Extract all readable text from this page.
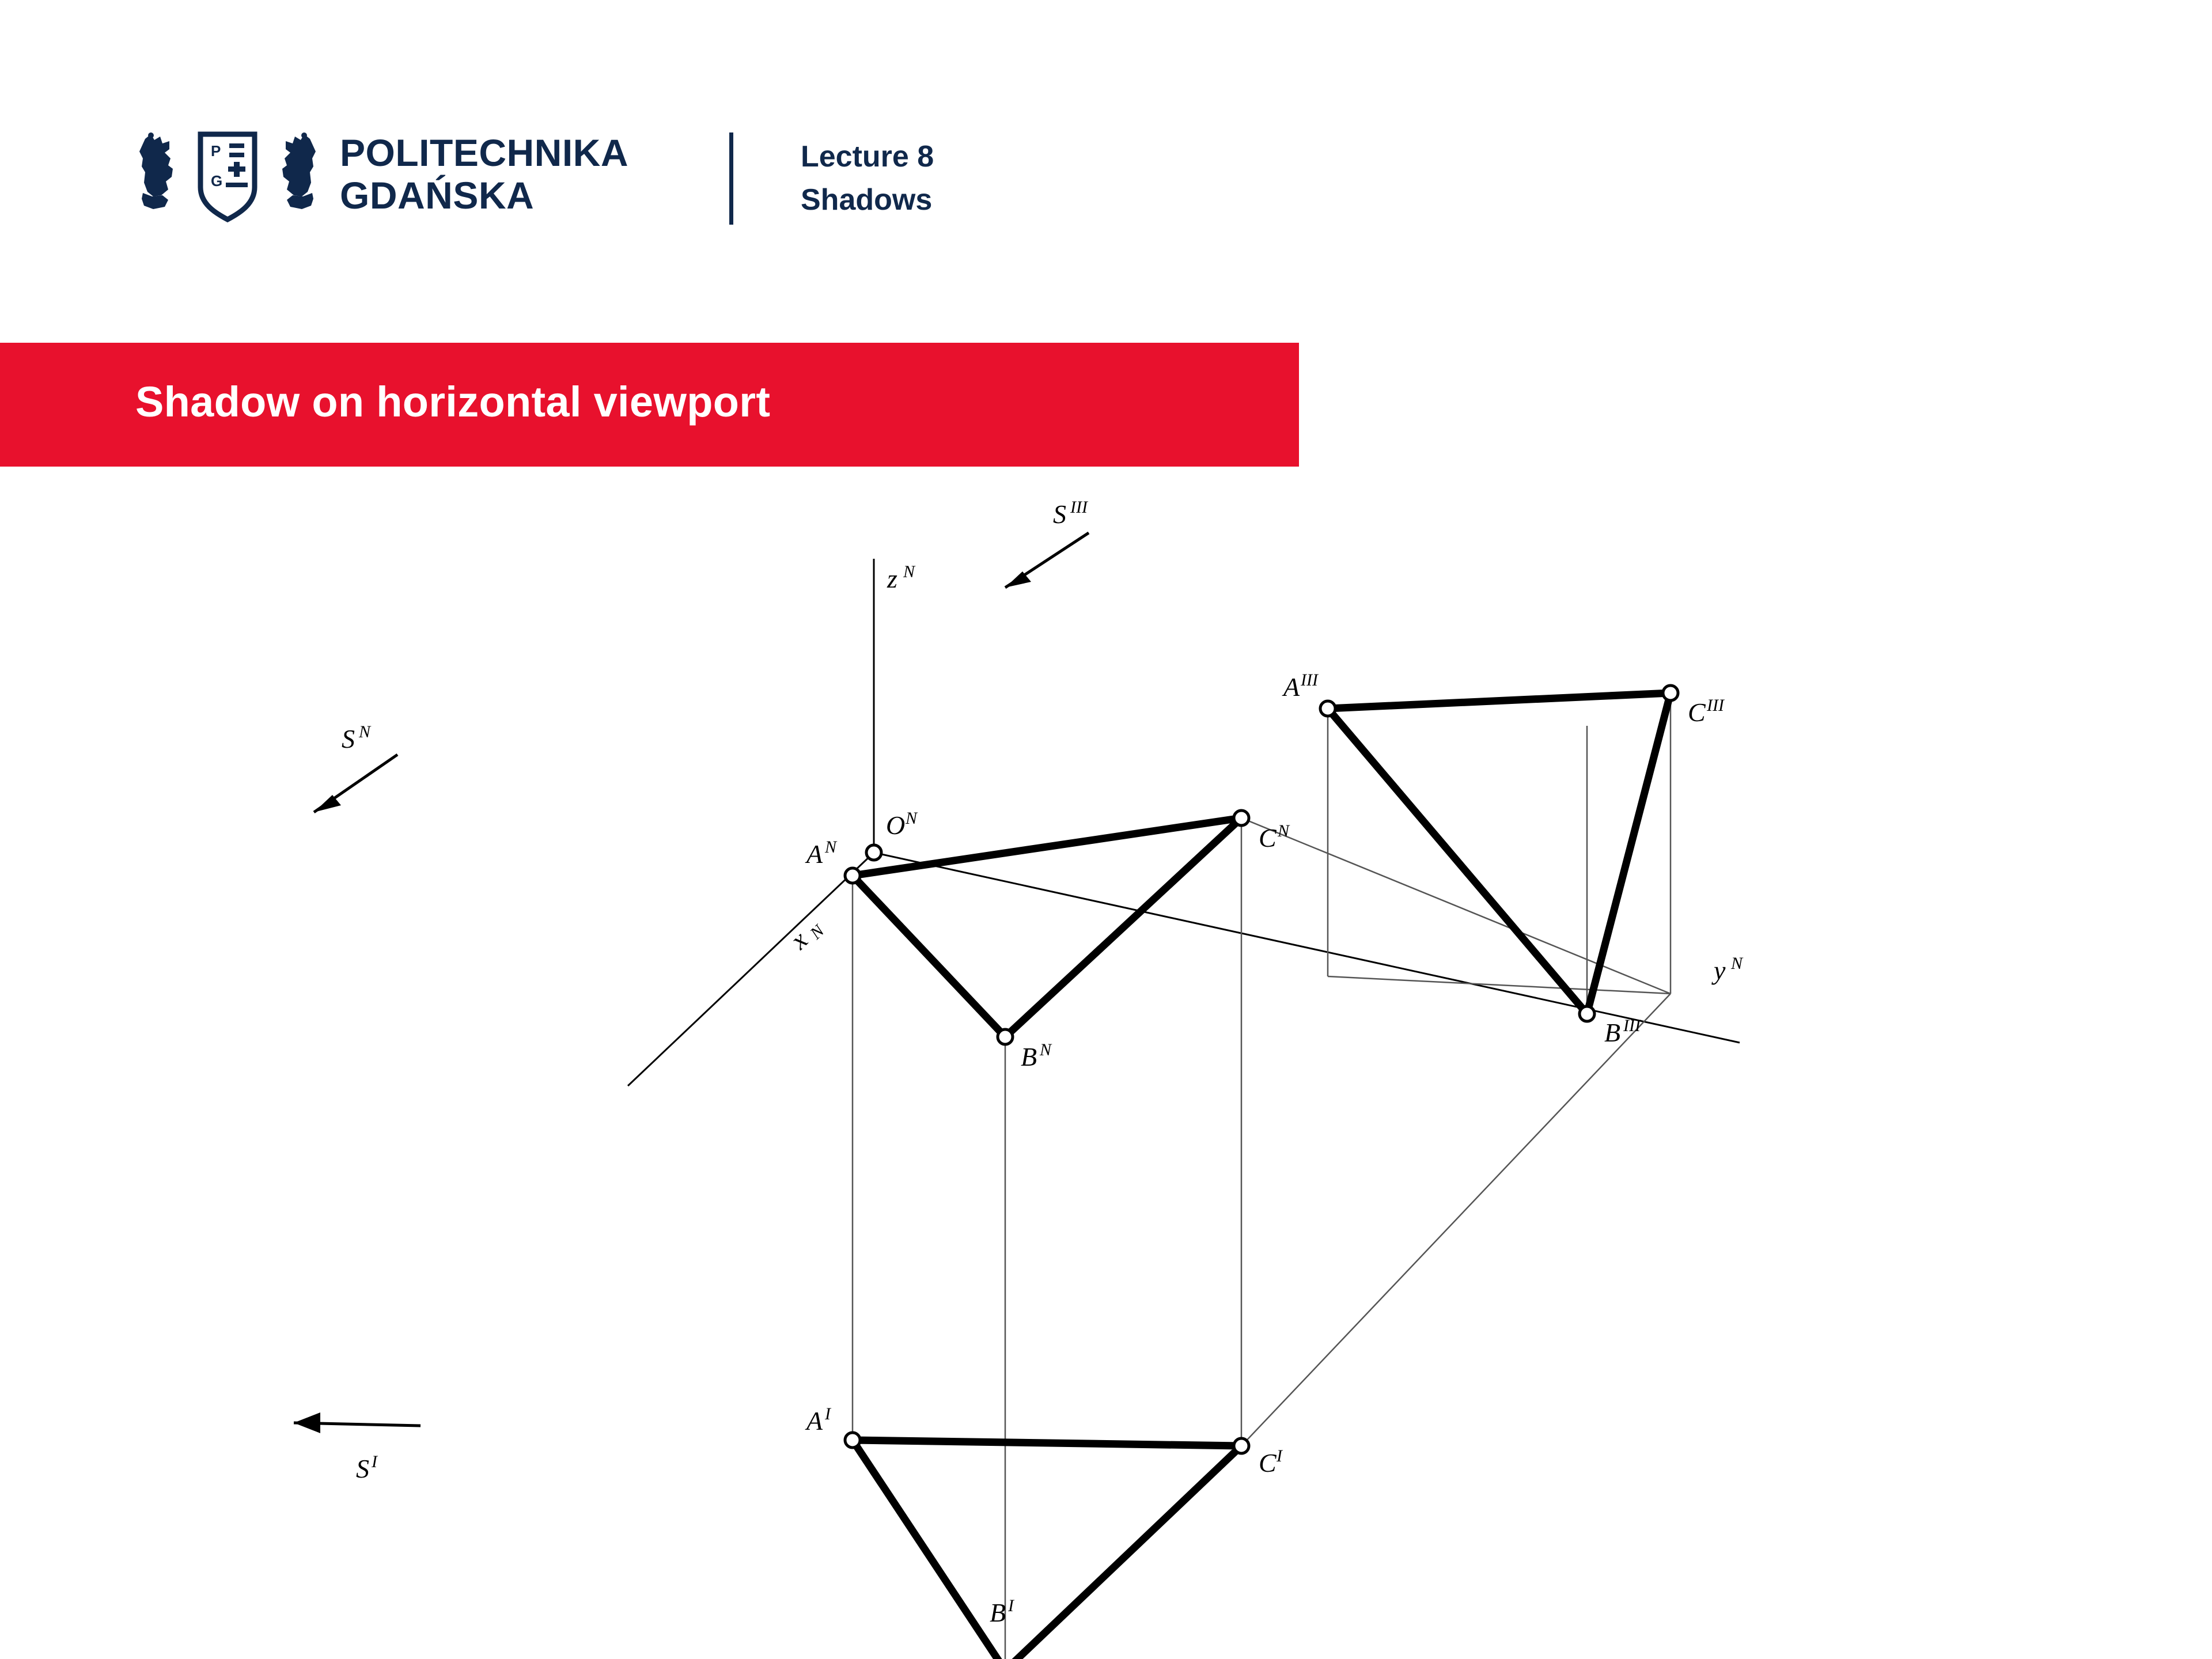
P
G
POLITECHNIKA
GDAŃSKA
Lecture 8
Shadows
Shadow on horizontal viewport
z N
x
N
y N
O N
S III
S N
S I
A III
B III
C III
A N
B N
C N
A I
B I
C I
